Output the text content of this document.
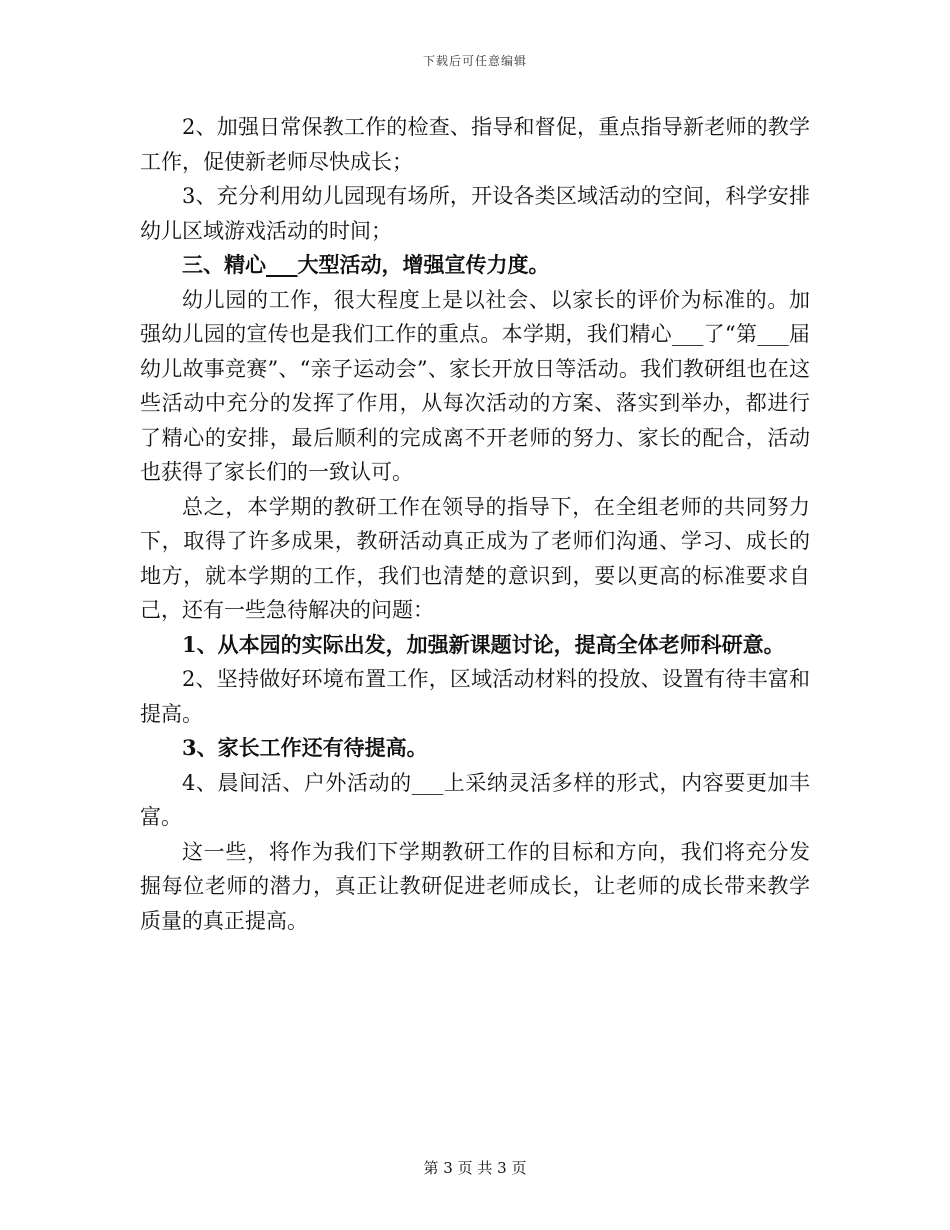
下载后可任意编辑

2、加强日常保教工作的检查、指导和督促，重点指导新老师的教学工作，促使新老师尽快成长；

3、充分利用幼儿园现有场所，开设各类区域活动的空间，科学安排幼儿区域游戏活动的时间；

三、精心___大型活动，增强宣传力度。

幼儿园的工作，很大程度上是以社会、以家长的评价为标准的。加强幼儿园的宣传也是我们工作的重点。本学期，我们精心___了“第___届幼儿故事竞赛”、“亲子运动会”、家长开放日等活动。我们教研组也在这些活动中充分的发挥了作用，从每次活动的方案、落实到举办，都进行了精心的安排，最后顺利的完成离不开老师的努力、家长的配合，活动也获得了家长们的一致认可。

总之，本学期的教研工作在领导的指导下，在全组老师的共同努力下，取得了许多成果，教研活动真正成为了老师们沟通、学习、成长的地方，就本学期的工作，我们也清楚的意识到，要以更高的标准要求自己，还有一些急待解决的问题：

1、从本园的实际出发，加强新课题讨论，提高全体老师科研意。

2、坚持做好环境布置工作，区域活动材料的投放、设置有待丰富和提高。

3、家长工作还有待提高。

4、晨间活、户外活动的___上采纳灵活多样的形式，内容要更加丰富。

这一些，将作为我们下学期教研工作的目标和方向，我们将充分发掘每位老师的潜力，真正让教研促进老师成长，让老师的成长带来教学质量的真正提高。

第 3 页 共 3 页
